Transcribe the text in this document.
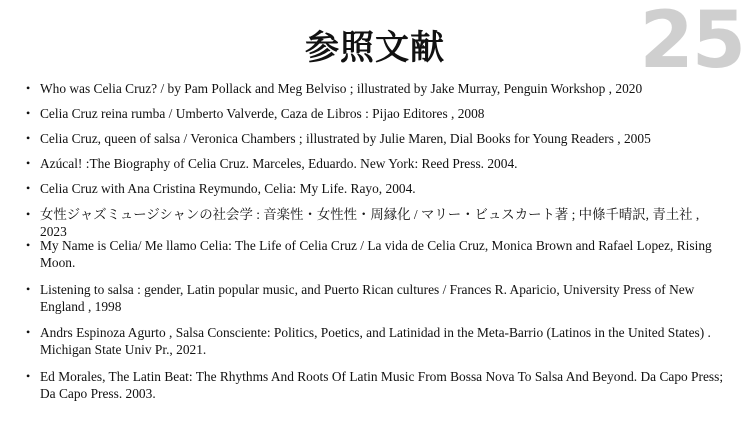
参照文献	25
• Who was Celia Cruz? / by Pam Pollack and Meg Belviso ; illustrated by Jake Murray, Penguin Workshop , 2020
• Celia Cruz reina rumba / Umberto Valverde, Caza de Libros : Pijao Editores , 2008
• Celia Cruz, queen of salsa / Veronica Chambers ; illustrated by Julie Maren, Dial Books for Young Readers , 2005
• Azúcal! :The Biography of Celia Cruz. Marceles, Eduardo. New York: Reed Press. 2004.
• Celia Cruz with Ana Cristina Reymundo, Celia: My Life. Rayo, 2004.
• 女性ジャズミュージシャンの社会学 : 音楽性・女性性・周縁化 / マリー・ビュスカート著 ; 中條千晴訳, 青土社 , 2023
• My Name is Celia/ Me llamo Celia: The Life of Celia Cruz / La vida de Celia Cruz, Monica Brown and Rafael Lopez, Rising Moon.
• Listening to salsa : gender, Latin popular music, and Puerto Rican cultures / Frances R. Aparicio, University Press of New England , 1998
• Andrs Espinoza Agurto , Salsa Consciente: Politics, Poetics, and Latinidad in the Meta-Barrio (Latinos in the United States) . Michigan State Univ Pr., 2021.
• Ed Morales, The Latin Beat: The Rhythms And Roots Of Latin Music From Bossa Nova To Salsa And Beyond. Da Capo Press; Da Capo Press. 2003.
